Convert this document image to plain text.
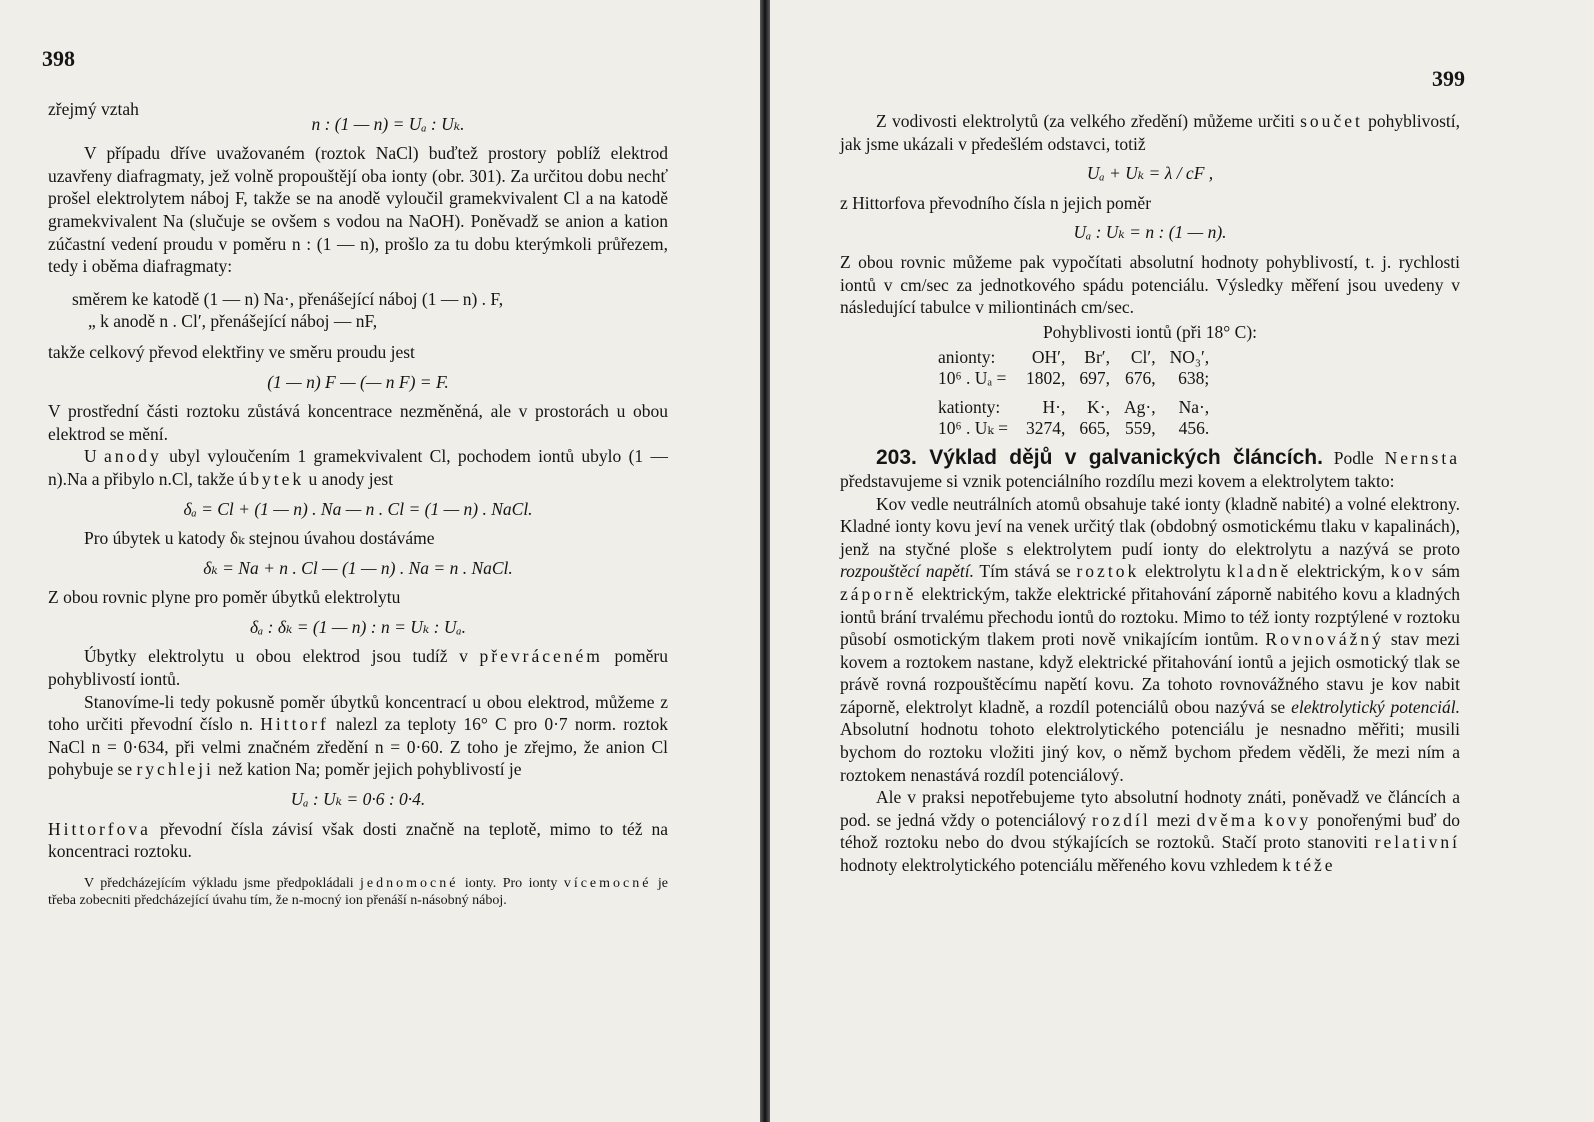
398

zřejmý vztah

n : (1 — n) = Uₐ : Uₖ.

V případu dříve uvažovaném (roztok NaCl) buďtež prostory poblíž elektrod uzavřeny diafragmaty, jež volně propouštějí oba ionty (obr. 301). Za určitou dobu nechť prošel elektrolytem náboj F, takže se na anodě vyloučil gramekvivalent Cl a na katodě gramekvivalent Na (slučuje se ovšem s vodou na NaOH). Poněvadž se anion a kation zúčastní vedení proudu v poměru n : (1 — n), prošlo za tu dobu kterýmkoli průřezem, tedy i oběma diafragmaty:

směrem ke katodě (1 — n) Na·, přenášející náboj (1 — n) . F,
„ k anodě n . Cl′, přenášející náboj — nF,

takže celkový převod elektřiny ve směru proudu jest

(1 — n) F — (— n F) = F.

V prostřední části roztoku zůstává koncentrace nezměněná, ale v prostorách u obou elektrod se mění.

U anody ubyl vyloučením 1 gramekvivalent Cl, pochodem iontů ubylo (1 — n).Na a přibylo n.Cl, takže úbytek u anody jest

δₐ = Cl + (1 — n) . Na — n . Cl = (1 — n) . NaCl.

Pro úbytek u katody δₖ stejnou úvahou dostáváme

δₖ = Na + n . Cl — (1 — n) . Na = n . NaCl.

Z obou rovnic plyne pro poměr úbytků elektrolytu

δₐ : δₖ = (1 — n) : n = Uₖ : Uₐ.

Úbytky elektrolytu u obou elektrod jsou tudíž v převráceném poměru pohyblivostí iontů.

Stanovíme-li tedy pokusně poměr úbytků koncentrací u obou elektrod, můžeme z toho určiti převodní číslo n. Hittorf nalezl za teploty 16° C pro 0·7 norm. roztok NaCl n = 0·634, při velmi značném zředění n = 0·60. Z toho je zřejmo, že anion Cl pohybuje se rychleji než kation Na; poměr jejich pohyblivostí je

Uₐ : Uₖ = 0·6 : 0·4.

Hittorfova převodní čísla závisí však dosti značně na teplotě, mimo to též na koncentraci roztoku.

V předcházejícím výkladu jsme předpokládali jednomocné ionty. Pro ionty vícemocné je třeba zobecniti předcházející úvahu tím, že n-mocný ion přenáší n-násobný náboj.

399

Z vodivosti elektrolytů (za velkého zředění) můžeme určiti součet pohyblivostí, jak jsme ukázali v předešlém odstavci, totiž

Uₐ + Uₖ = λ / cF ,

z Hittorfova převodního čísla n jejich poměr

Uₐ : Uₖ = n : (1 — n).

Z obou rovnic můžeme pak vypočítati absolutní hodnoty pohyblivostí, t. j. rychlosti iontů v cm/sec za jednotkového spádu potenciálu. Výsledky měření jsou uvedeny v následující tabulce v miliontinách cm/sec.

Pohyblivosti iontů (při 18° C):
anionty:	OH′,	Br′,	Cl′,	NO₃′,
10⁶ . Uₐ =	1802,	697,	676,	638;
kationty:	H·,	K·,	Ag·,	Na·,
10⁶ . Uₖ =	3274,	665,	559,	456.

203. Výklad dějů v galvanických článcích. Podle Nernsta představujeme si vznik potenciálního rozdílu mezi kovem a elektrolytem takto:

Kov vedle neutrálních atomů obsahuje také ionty (kladně nabité) a volné elektrony. Kladné ionty kovu jeví na venek určitý tlak (obdobný osmotickému tlaku v kapalinách), jenž na styčné ploše s elektrolytem pudí ionty do elektrolytu a nazývá se proto rozpouštěcí napětí. Tím stává se roztok elektrolytu kladně elektrickým, kov sám záporně elektrickým, takže elektrické přitahování záporně nabitého kovu a kladných iontů brání trvalému přechodu iontů do roztoku. Mimo to též ionty rozptýlené v roztoku působí osmotickým tlakem proti nově vnikajícím iontům. Rovnovážný stav mezi kovem a roztokem nastane, když elektrické přitahování iontů a jejich osmotický tlak se právě rovná rozpouštěcímu napětí kovu. Za tohoto rovnovážného stavu je kov nabit záporně, elektrolyt kladně, a rozdíl potenciálů obou nazývá se elektrolytický potenciál. Absolutní hodnotu tohoto elektrolytického potenciálu je nesnadno měřiti; musili bychom do roztoku vložiti jiný kov, o němž bychom předem věděli, že mezi ním a roztokem nenastává rozdíl potenciálový.

Ale v praksi nepotřebujeme tyto absolutní hodnoty znáti, poněvadž ve článcích a pod. se jedná vždy o potenciálový rozdíl mezi dvěma kovy ponořenými buď do téhož roztoku nebo do dvou stýkajících se roztoků. Stačí proto stanoviti relativní hodnoty elektrolytického potenciálu měřeného kovu vzhledem k téže
